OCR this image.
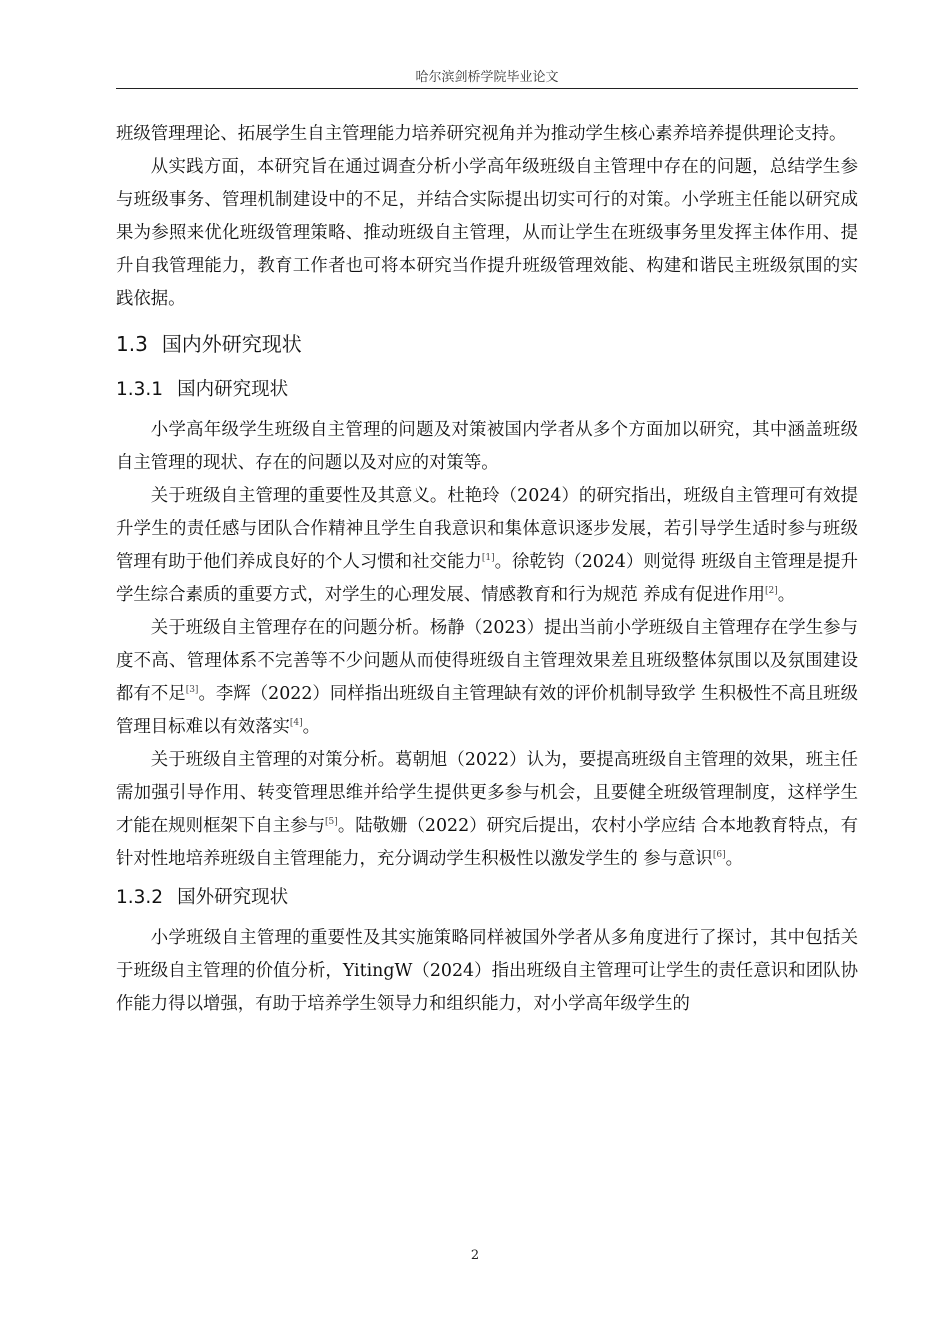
哈尔滨剑桥学院毕业论文

班级管理理论、拓展学生自主管理能力培养研究视角并为推动学生核心素养培养提供理论支持。

从实践方面，本研究旨在通过调查分析小学高年级班级自主管理中存在的问题，总结学生参与班级事务、管理机制建设中的不足，并结合实际提出切实可行的对策。小学班主任能以研究成果为参照来优化班级管理策略、推动班级自主管理，从而让学生在班级事务里发挥主体作用、提升自我管理能力，教育工作者也可将本研究当作提升班级管理效能、构建和谐民主班级氛围的实践依据。

1.3 国内外研究现状
1.3.1 国内研究现状

小学高年级学生班级自主管理的问题及对策被国内学者从多个方面加以研究，其中涵盖班级自主管理的现状、存在的问题以及对应的对策等。

关于班级自主管理的重要性及其意义。杜艳玲（2024）的研究指出，班级自主管理可有效提升学生的责任感与团队合作精神且学生自我意识和集体意识逐步发展，若引导学生适时参与班级管理有助于他们养成良好的个人习惯和社交能力[1]。徐乾钧（2024）则觉得 班级自主管理是提升学生综合素质的重要方式，对学生的心理发展、情感教育和行为规范 养成有促进作用[2]。

关于班级自主管理存在的问题分析。杨静（2023）提出当前小学班级自主管理存在学生参与度不高、管理体系不完善等不少问题从而使得班级自主管理效果差且班级整体氛围以及氛围建设都有不足[3]。李辉（2022）同样指出班级自主管理缺有效的评价机制导致学 生积极性不高且班级管理目标难以有效落实[4]。

关于班级自主管理的对策分析。葛朝旭（2022）认为，要提高班级自主管理的效果，班主任需加强引导作用、转变管理思维并给学生提供更多参与机会，且要健全班级管理制度，这样学生才能在规则框架下自主参与[5]。陆敬姗（2022）研究后提出，农村小学应结 合本地教育特点，有针对性地培养班级自主管理能力，充分调动学生积极性以激发学生的 参与意识[6]。

1.3.2 国外研究现状

小学班级自主管理的重要性及其实施策略同样被国外学者从多角度进行了探讨，其中包括关于班级自主管理的价值分析，YitingW（2024）指出班级自主管理可让学生的责任意识和团队协作能力得以增强，有助于培养学生领导力和组织能力，对小学高年级学生的

2
